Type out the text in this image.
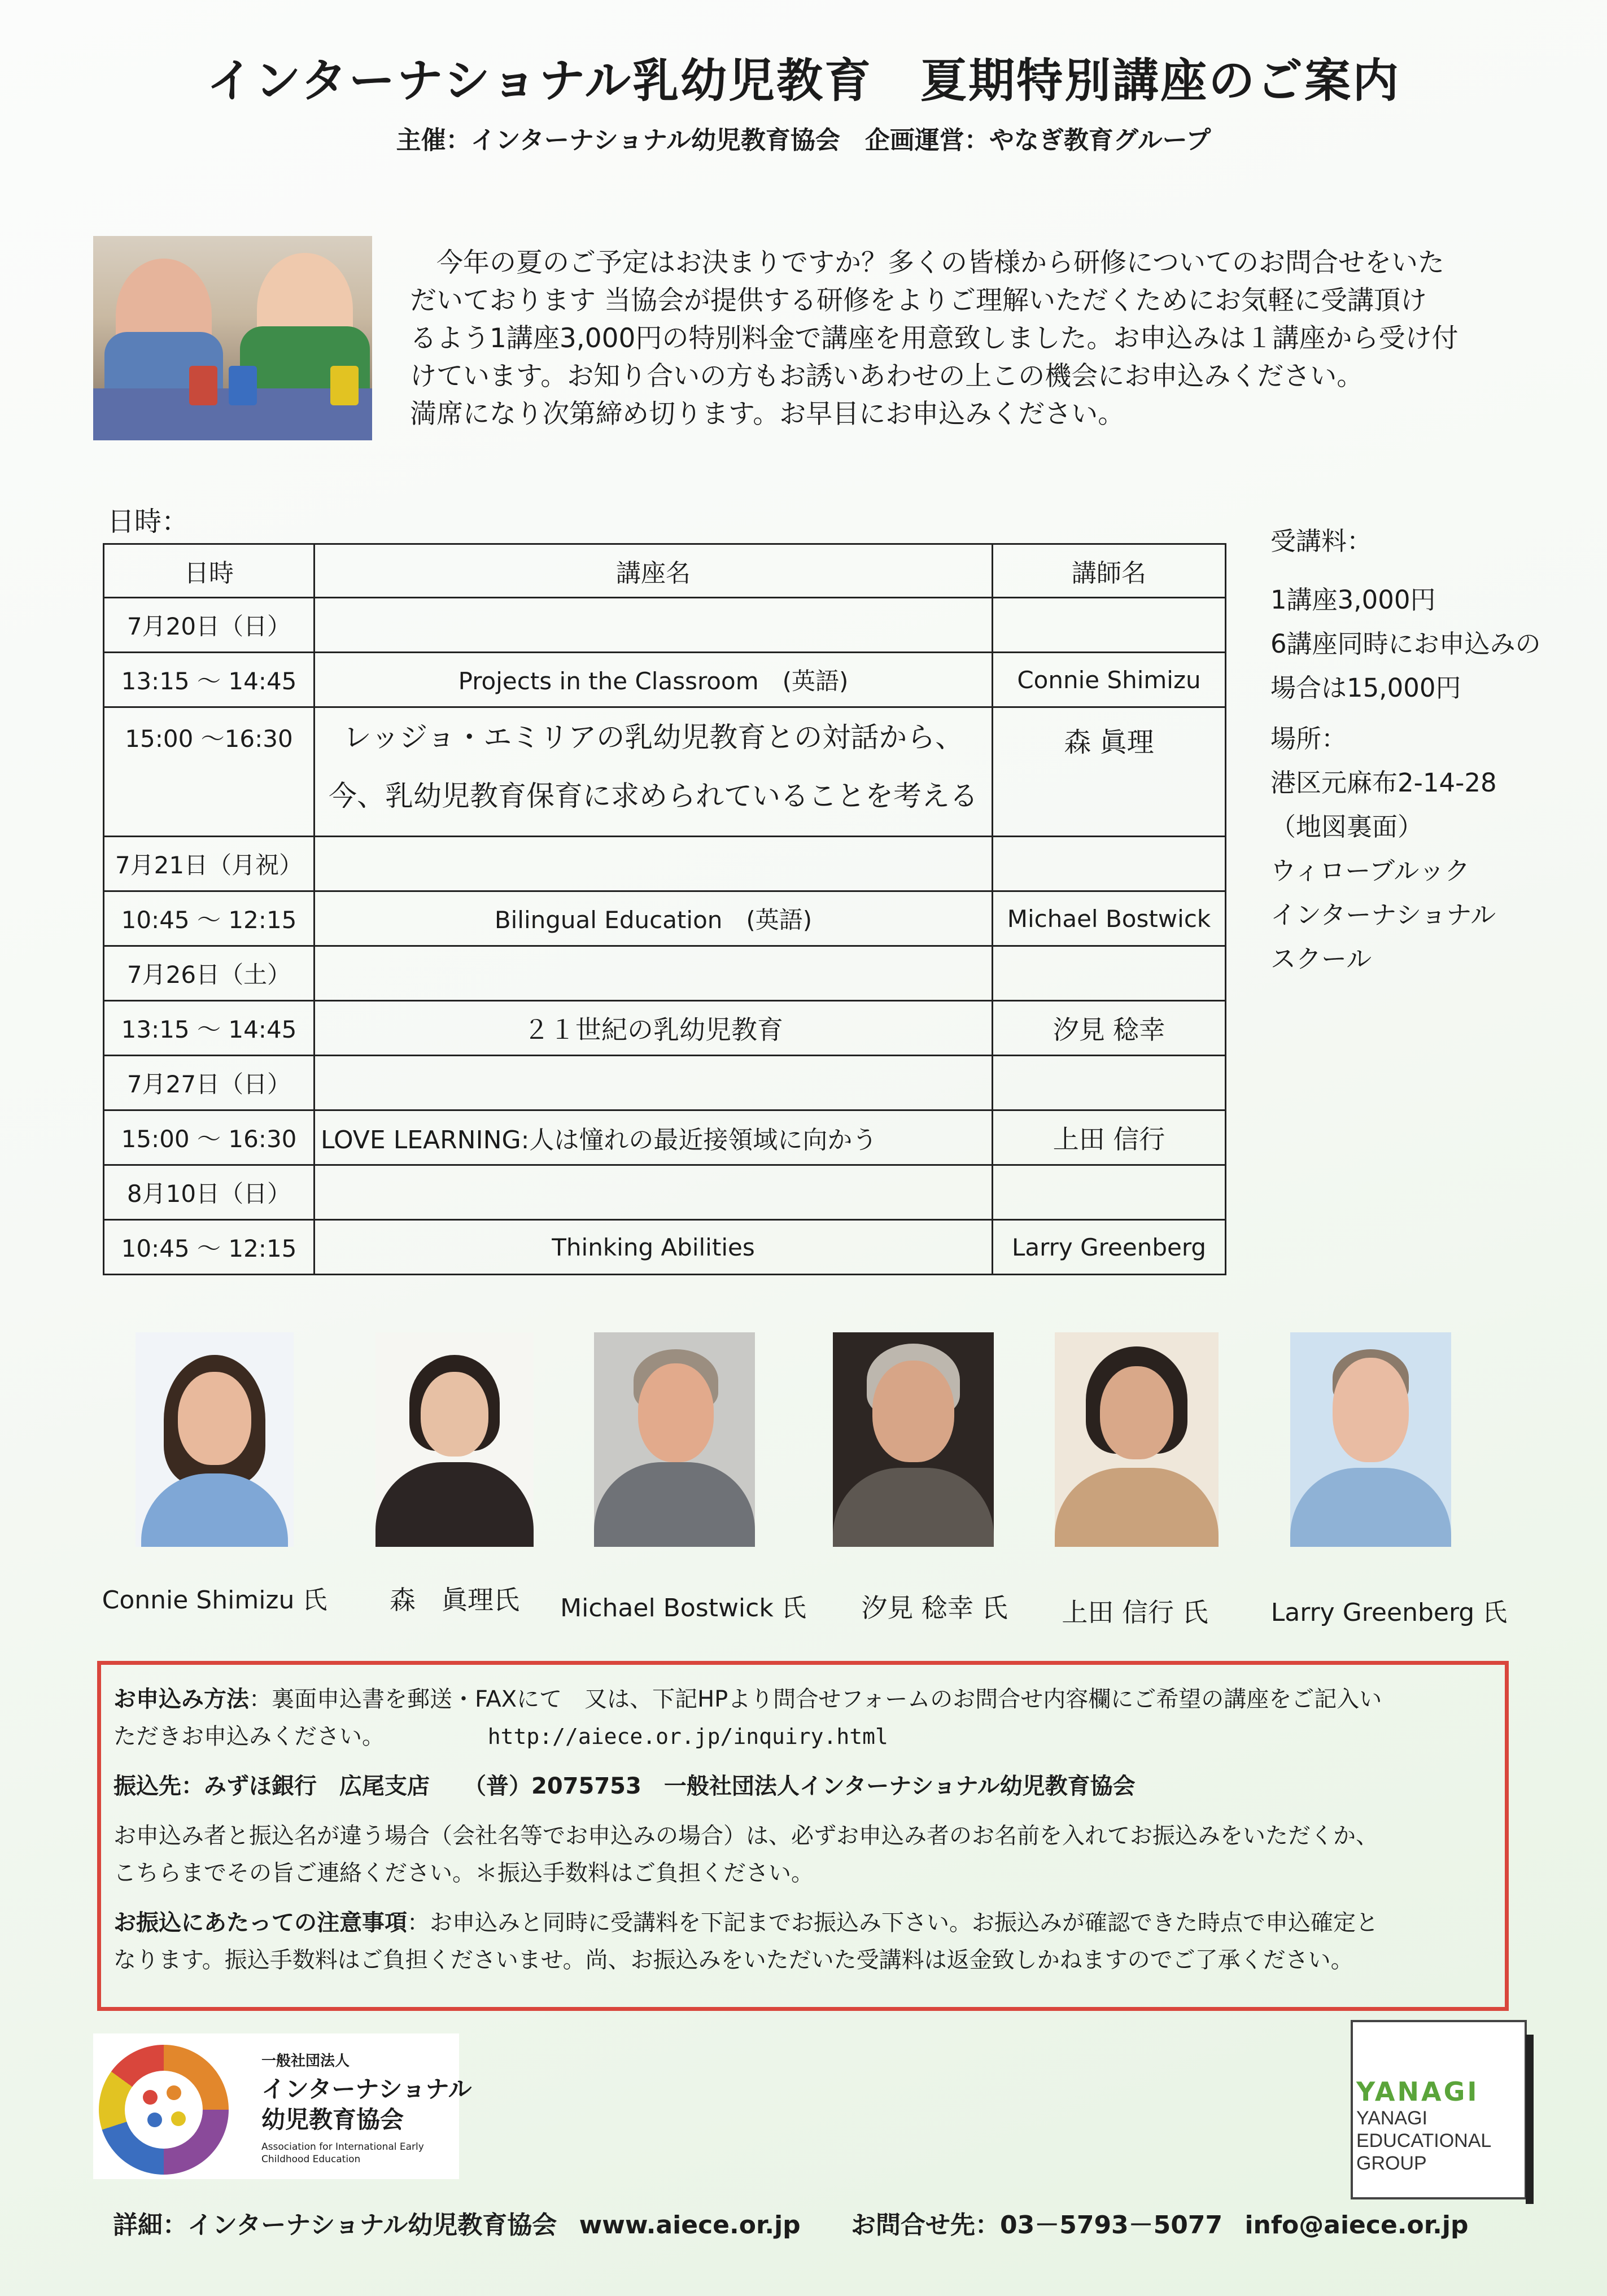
インターナショナル乳幼児教育　夏期特別講座のご案内
主催：インターナショナル幼児教育協会　企画運営：やなぎ教育グループ

今年の夏のご予定はお決まりですか？多くの皆様から研修についてのお問合せをいた

だいております 当協会が提供する研修をよりご理解いただくためにお気軽に受講頂け
るよう1講座3,000円の特別料金で講座を用意致しました。お申込みは１講座から受け付
けています。お知り合いの方もお誘いあわせの上この機会にお申込みください。
満席になり次第締め切ります。お早目にお申込みください。
日時：
日時	講座名	講師名
7月20日（日）		
13:15 ～ 14:45	Projects in the Classroom　(英語)	Connie Shimizu
15:00 ～16:30	レッジョ・エミリアの乳幼児教育との対話から、
今、乳幼児教育保育に求められていることを考える	森 眞理
7月21日（月祝）		
10:45 ～ 12:15	Bilingual Education　(英語)	Michael Bostwick
7月26日（土）		
13:15 ～ 14:45	２１世紀の乳幼児教育	汐見 稔幸
7月27日（日）		
15:00 ～ 16:30	LOVE LEARNING:人は憧れの最近接領域に向かう	上田 信行
8月10日（日）		
10:45 ～ 12:15	Thinking Abilities	Larry Greenberg
受講料：
1講座3,000円
6講座同時にお申込みの
場合は15,000円
場所：
港区元麻布2-14-28
（地図裏面）
ウィローブルック
インターナショナル
スクール
Connie Shimizu 氏	森　眞理氏	Michael Bostwick 氏	汐見 稔幸 氏	上田 信行 氏	Larry Greenberg 氏

お申込み方法：裏面申込書を郵送・FAXにて　又は、下記HPより問合せフォームのお問合せ内容欄にご希望の講座をご記入い
ただきお申込みください。	http://aiece.or.jp/inquiry.html

振込先：みずほ銀行　広尾支店　　（普）2075753　一般社団法人インターナショナル幼児教育協会

お申込み者と振込名が違う場合（会社名等でお申込みの場合）は、必ずお申込み者のお名前を入れてお振込みをいただくか、
こちらまでその旨ご連絡ください。＊振込手数料はご負担ください。

お振込にあたっての注意事項：お申込みと同時に受講料を下記までお振込み下さい。お振込みが確認できた時点で申込確定と
なります。振込手数料はご負担くださいませ。尚、お振込みをいただいた受講料は返金致しかねますのでご了承ください。

一般社団法人
インターナショナル
幼児教育協会
Association for International Early Childhood Education
YANAGI
YANAGI
EDUCATIONAL
GROUP
詳細：インターナショナル幼児教育協会 www.aiece.or.jp お問合せ先：03－5793－5077 info@aiece.or.jp
